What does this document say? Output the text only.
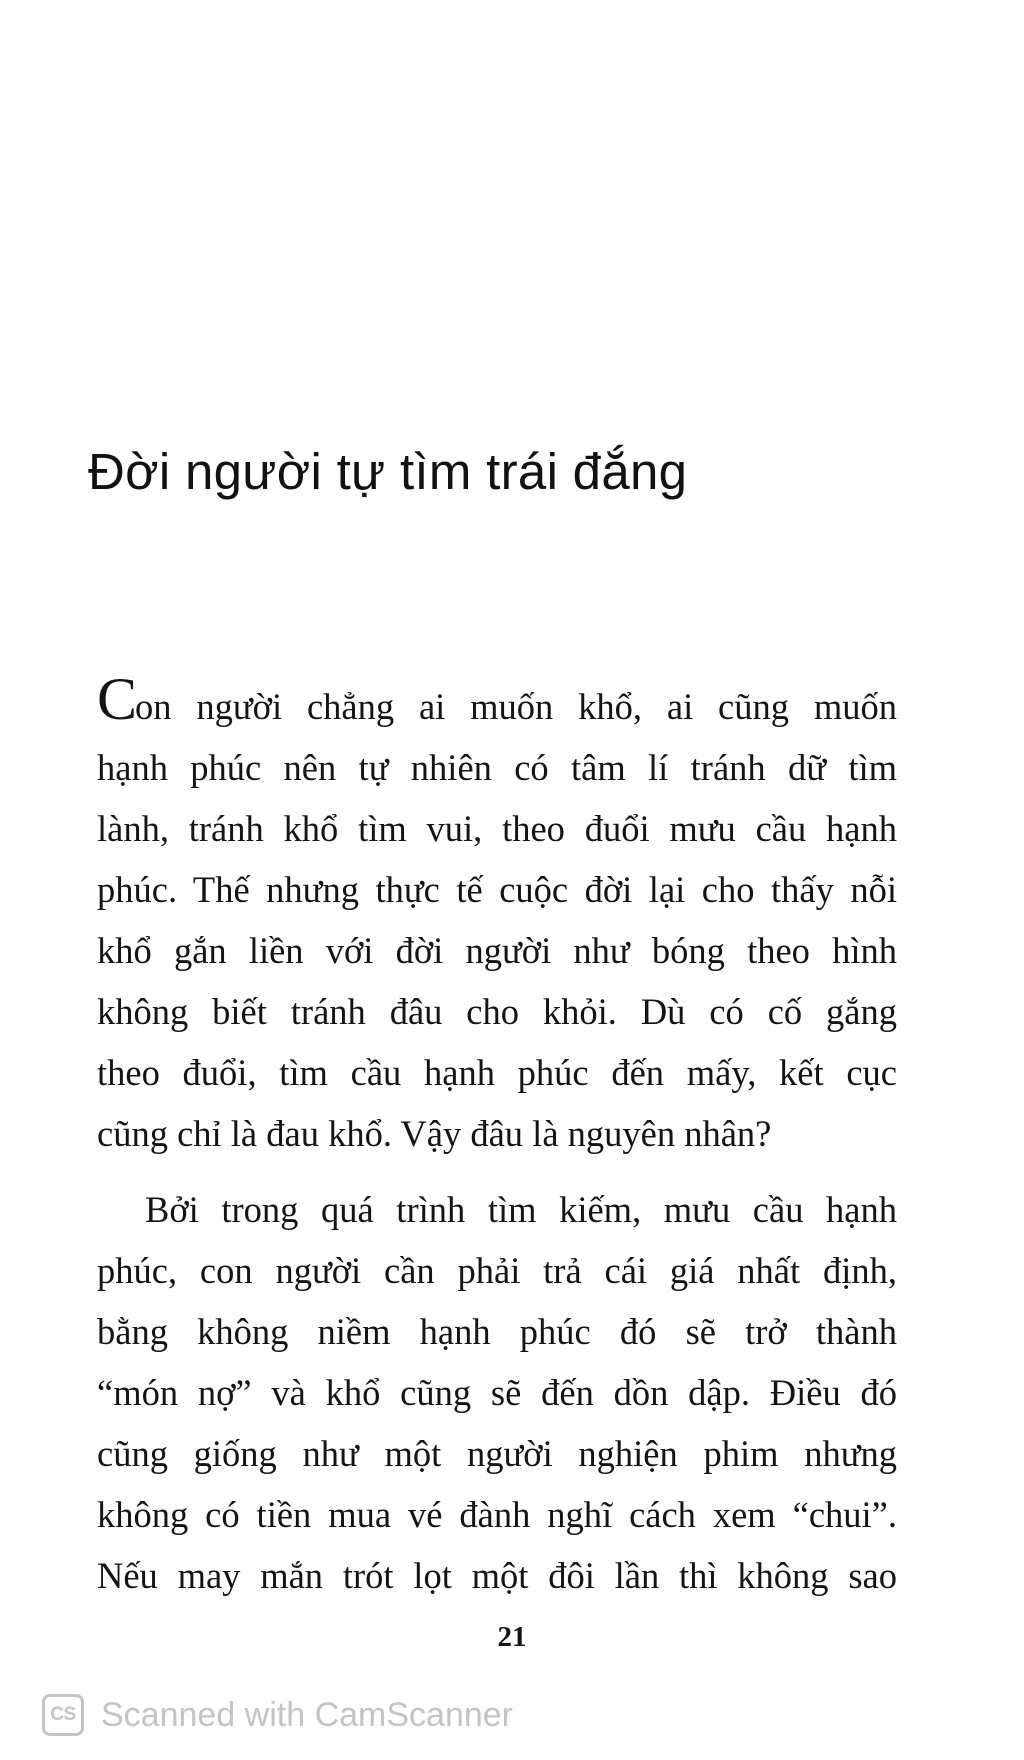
Đời người tự tìm trái đắng
Con người chẳng ai muốn khổ, ai cũng muốn
hạnh phúc nên tự nhiên có tâm lí tránh dữ tìm
lành, tránh khổ tìm vui, theo đuổi mưu cầu hạnh
phúc. Thế nhưng thực tế cuộc đời lại cho thấy nỗi
khổ gắn liền với đời người như bóng theo hình
không biết tránh đâu cho khỏi. Dù có cố gắng
theo đuổi, tìm cầu hạnh phúc đến mấy, kết cục
cũng chỉ là đau khổ. Vậy đâu là nguyên nhân?
Bởi trong quá trình tìm kiếm, mưu cầu hạnh
phúc, con người cần phải trả cái giá nhất định,
bằng không niềm hạnh phúc đó sẽ trở thành
“món nợ” và khổ cũng sẽ đến dồn dập. Điều đó
cũng giống như một người nghiện phim nhưng
không có tiền mua vé đành nghĩ cách xem “chui”.
Nếu may mắn trót lọt một đôi lần thì không sao
21
CS Scanned with CamScanner
